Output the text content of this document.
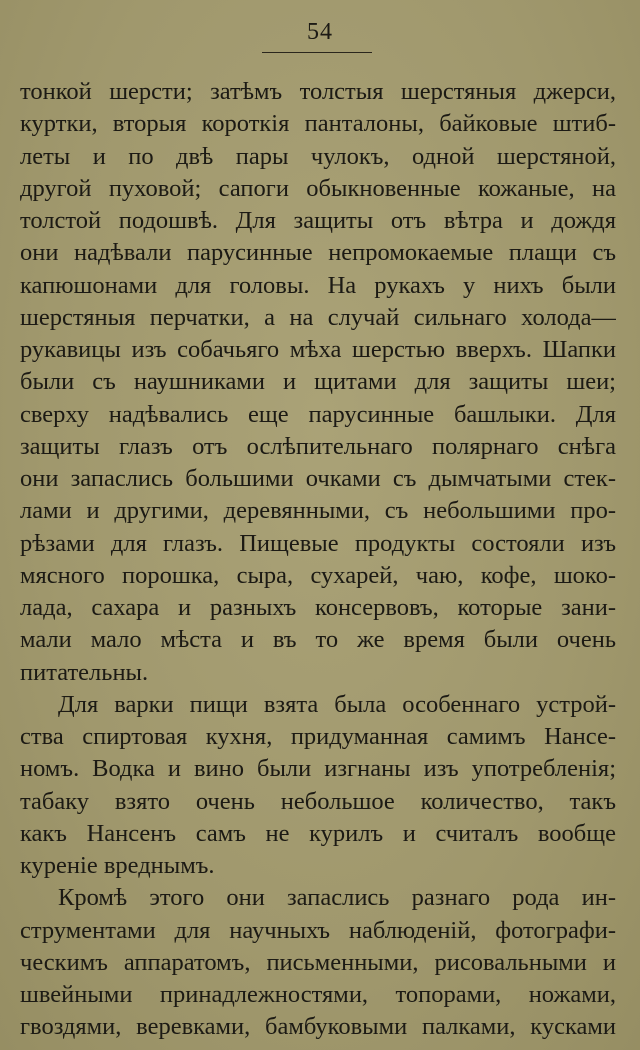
54
тонкой шерсти; затѣмъ толстыя шерстяныя джерси,
куртки, вторыя короткія панталоны, байковые штиб-
леты и по двѣ пары чулокъ, одной шерстяной,
другой пуховой; сапоги обыкновенные кожаные, на
толстой подошвѣ. Для защиты отъ вѣтра и дождя
они надѣвали парусинные непромокаемые плащи съ
капюшонами для головы. На рукахъ у нихъ были
шерстяныя перчатки, а на случай сильнаго холода—
рукавицы изъ собачьяго мѣха шерстью вверхъ. Шапки
были съ наушниками и щитами для защиты шеи;
сверху надѣвались еще парусинные башлыки. Для
защиты глазъ отъ ослѣпительнаго полярнаго снѣга
они запаслись большими очками съ дымчатыми стек-
лами и другими, деревянными, съ небольшими про-
рѣзами для глазъ. Пищевые продукты состояли изъ
мясного порошка, сыра, сухарей, чаю, кофе, шоко-
лада, сахара и разныхъ консервовъ, которые зани-
мали мало мѣста и въ то же время были очень
питательны.
Для варки пищи взята была особеннаго устрой-
ства спиртовая кухня, придуманная самимъ Нансе-
номъ. Водка и вино были изгнаны изъ употребленія;
табаку взято очень небольшое количество, такъ
какъ Нансенъ самъ не курилъ и считалъ вообще
куреніе вреднымъ.
Кромѣ этого они запаслись разнаго рода ин-
струментами для научныхъ наблюденій, фотографи-
ческимъ аппаратомъ, письменными, рисовальными и
швейными принадлежностями, топорами, ножами,
гвоздями, веревками, бамбуковыми палками, кусками
